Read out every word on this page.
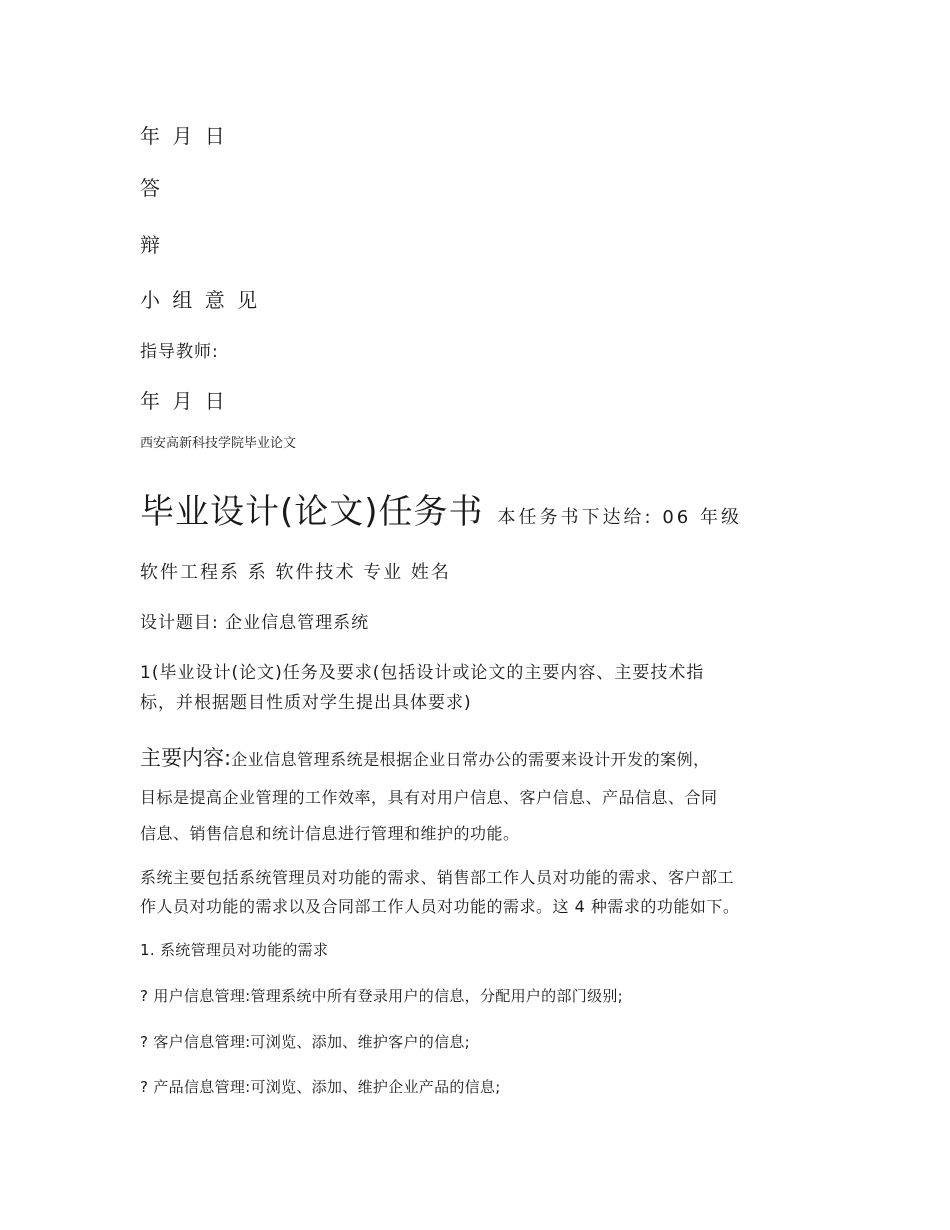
年 月 日

答

辩

小 组 意 见

指导教师:

年 月 日

西安高新科技学院毕业论文

毕业设计(论文)任务书 本任务书下达给: 06 年级

软件工程系 系 软件技术 专业 姓名

设计题目: 企业信息管理系统

1(毕业设计(论文)任务及要求(包括设计或论文的主要内容、主要技术指

标，并根据题目性质对学生提出具体要求)

主要内容:企业信息管理系统是根据企业日常办公的需要来设计开发的案例，

目标是提高企业管理的工作效率，具有对用户信息、客户信息、产品信息、合同

信息、销售信息和统计信息进行管理和维护的功能。

系统主要包括系统管理员对功能的需求、销售部工作人员对功能的需求、客户部工

作人员对功能的需求以及合同部工作人员对功能的需求。这 4 种需求的功能如下。

1. 系统管理员对功能的需求

? 用户信息管理:管理系统中所有登录用户的信息，分配用户的部门级别;

? 客户信息管理:可浏览、添加、维护客户的信息;

? 产品信息管理:可浏览、添加、维护企业产品的信息;
